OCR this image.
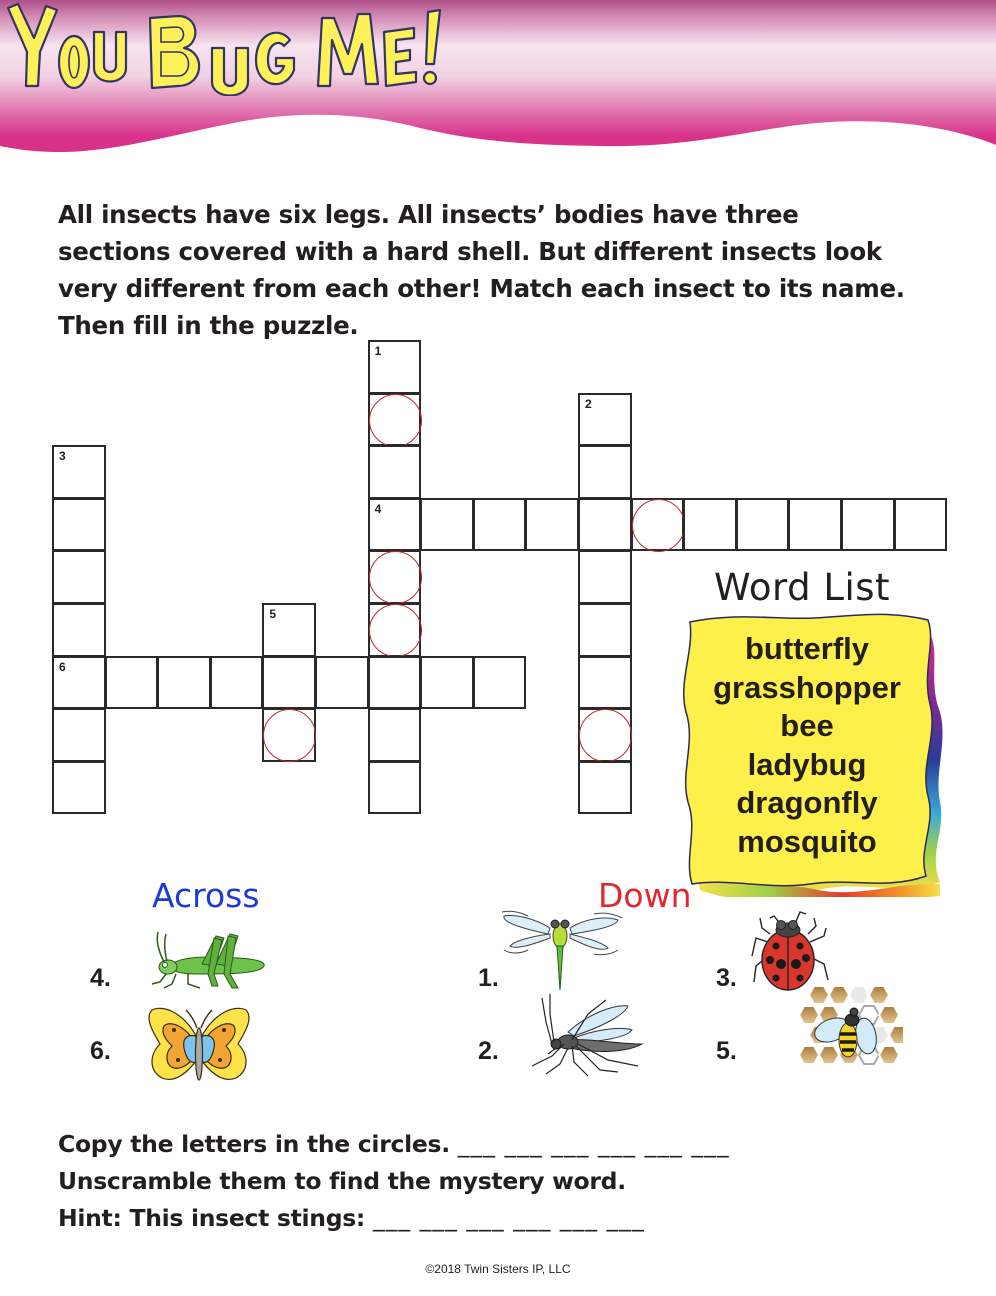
All insects have six legs. All insects’ bodies have three
sections covered with a hard shell. But different insects look
very different from each other! Match each insect to its name.
Then fill in the puzzle.
1
4
2
3
6
5
Word List
butterfly
grasshopper
bee
ladybug
dragonfly
mosquito
Across	Down
4.
6.
1.
2.
3.
5.
Copy the letters in the circles. ___ ___ ___ ___ ___ ___
Unscramble them to find the mystery word.
Hint: This insect stings: ___ ___ ___ ___ ___ ___
©2018 Twin Sisters IP, LLC
